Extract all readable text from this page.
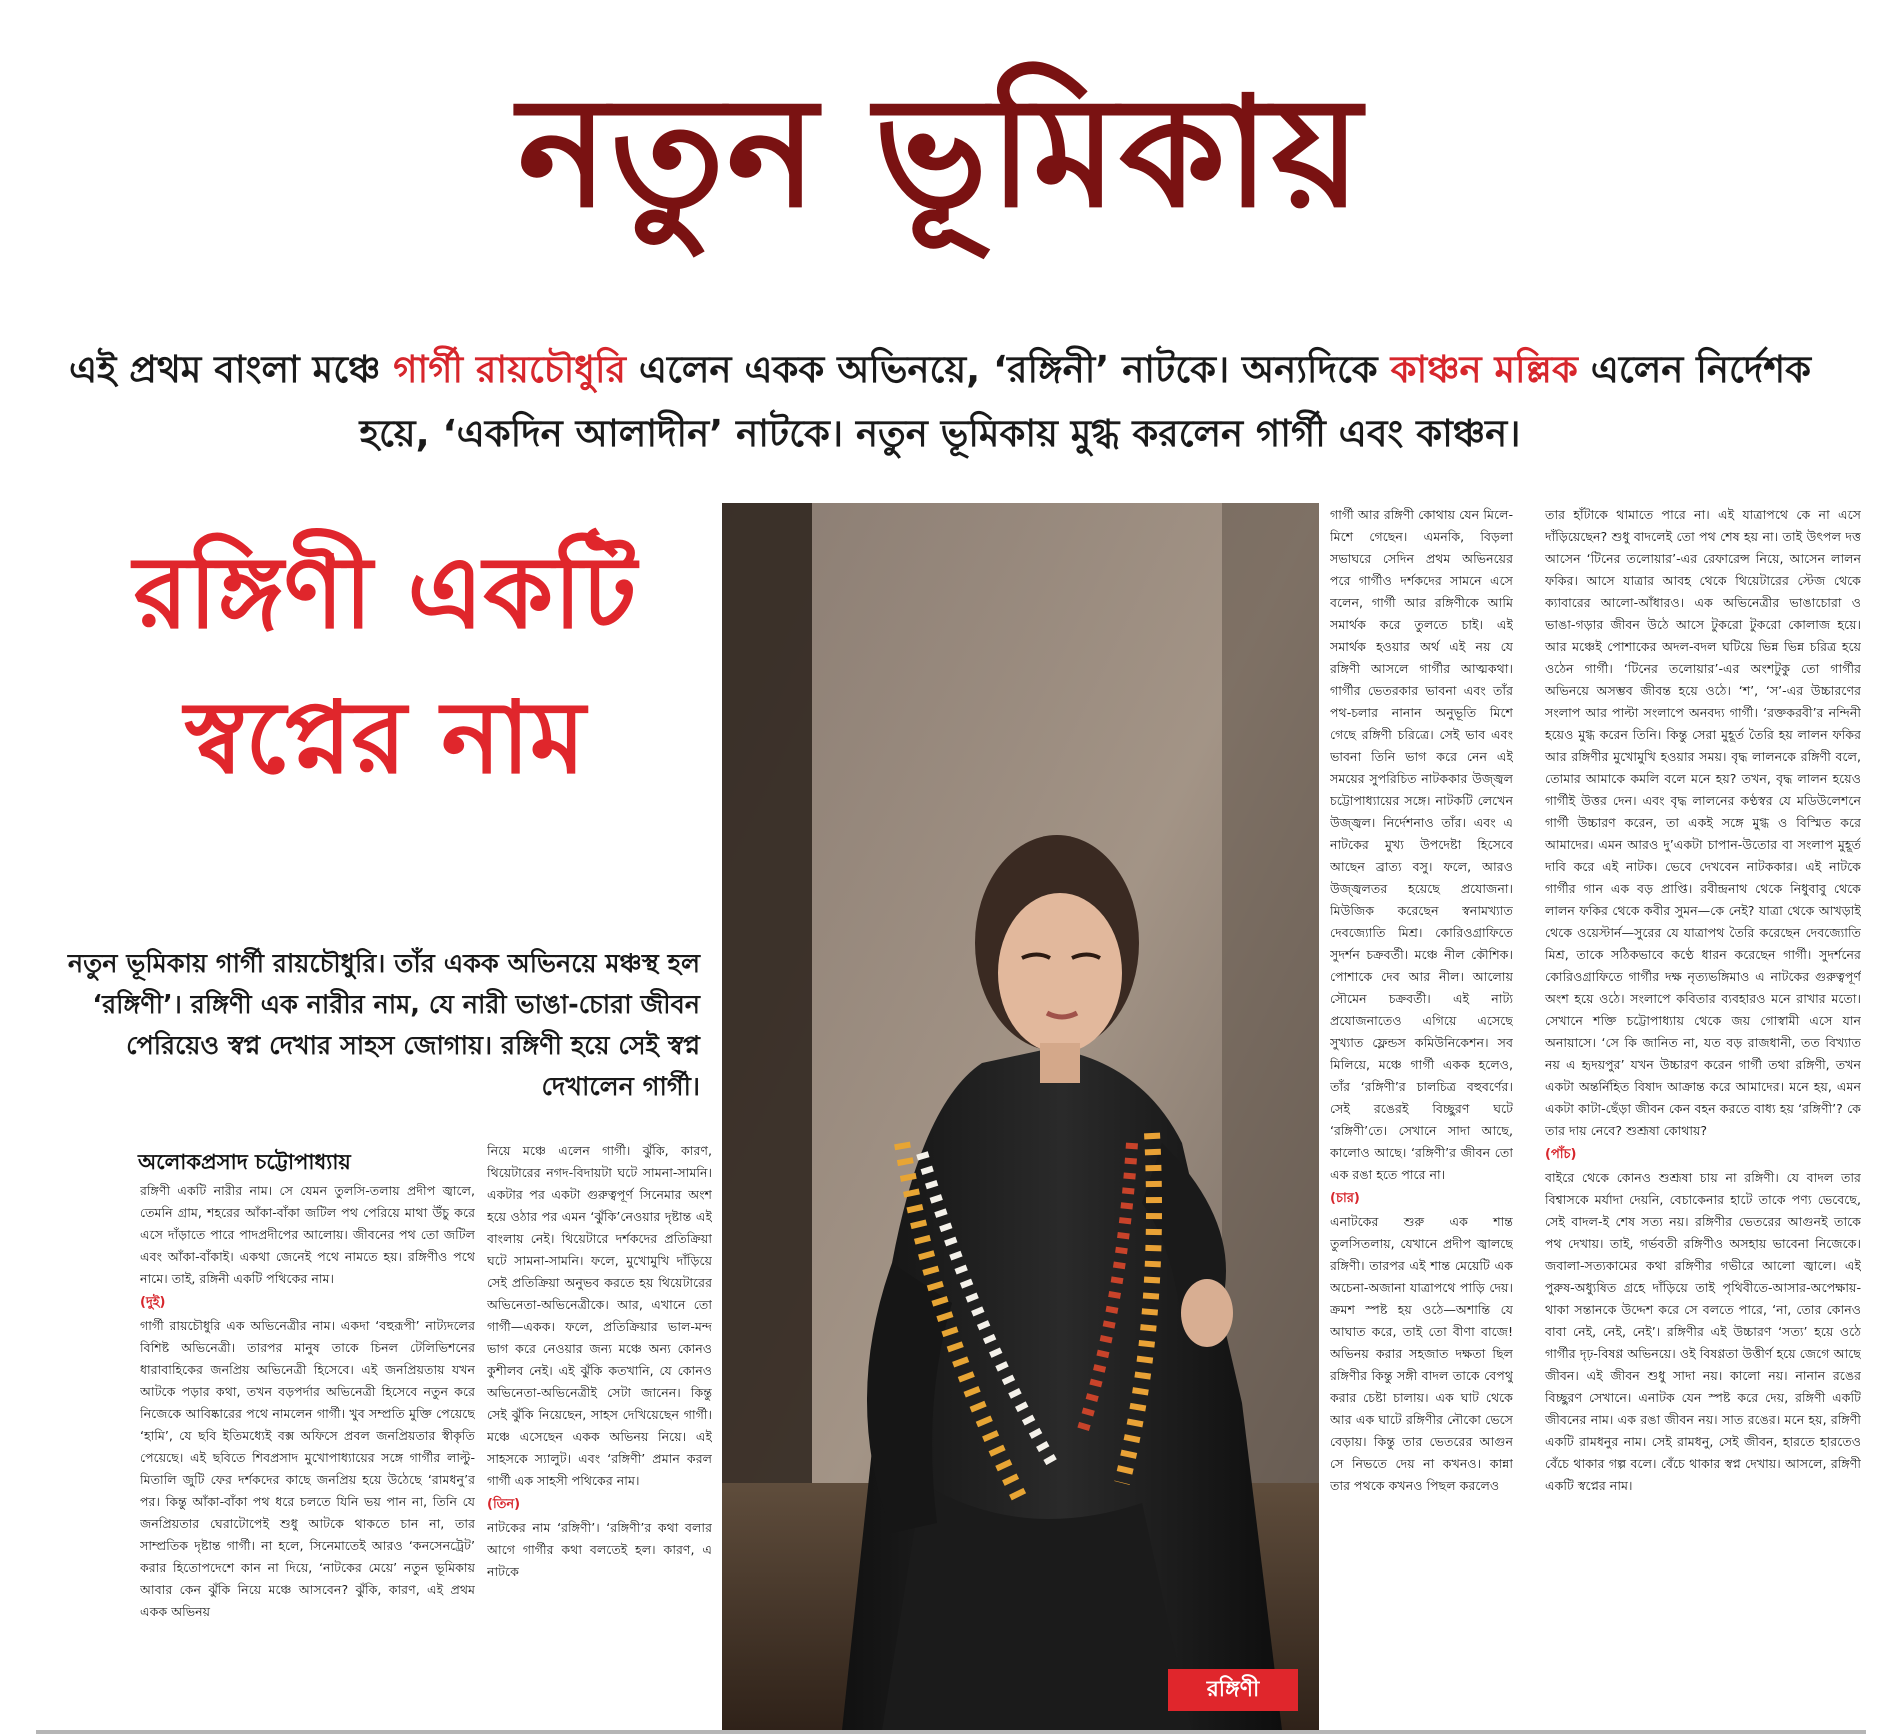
নতুন ভূমিকায়
এই প্রথম বাংলা মঞ্চে গার্গী রায়চৌধুরি এলেন একক অভিনয়ে, ‘রঙ্গিনী’ নাটকে। অন্যদিকে কাঞ্চন মল্লিক এলেন নির্দেশক হয়ে, ‘একদিন আলাদীন’ নাটকে। নতুন ভূমিকায় মুগ্ধ করলেন গার্গী এবং কাঞ্চন।
রঙ্গিণী একটি স্বপ্নের নাম
নতুন ভূমিকায় গার্গী রায়চৌধুরি। তাঁর একক অভিনয়ে মঞ্চস্থ হল ‘রঙ্গিণী’। রঙ্গিণী এক নারীর নাম, যে নারী ভাঙা-চোরা জীবন পেরিয়েও স্বপ্ন দেখার সাহস জোগায়। রঙ্গিণী হয়ে সেই স্বপ্ন দেখালেন গার্গী।
অলোকপ্রসাদ চট্টোপাধ্যায়

রঙ্গিণী একটি নারীর নাম। সে যেমন তুলসি-তলায় প্রদীপ জ্বালে, তেমনি গ্রাম, শহরের আঁকা-বাঁকা জটিল পথ পেরিয়ে মাথা উঁচু করে এসে দাঁড়াতে পারে পাদপ্রদীপের আলোয়। জীবনের পথ তো জটিল এবং আঁকা-বাঁকাই। একথা জেনেই পথে নামতে হয়। রঙ্গিণীও পথে নামে। তাই, রঙ্গিনী একটি পথিকের নাম।

(দুই)

গার্গী রায়চৌধুরি এক অভিনেত্রীর নাম। একদা ‘বহুরূপী’ নাট্যদলের বিশিষ্ট অভিনেত্রী। তারপর মানুষ তাকে চিনল টেলিভিশনের ধারাবাহিকের জনপ্রিয় অভিনেত্রী হিসেবে। এই জনপ্রিয়তায় যখন আটকে পড়ার কথা, তখন বড়পর্দার অভিনেত্রী হিসেবে নতুন করে নিজেকে আবিষ্কারের পথে নামলেন গার্গী। খুব সম্প্রতি মুক্তি পেয়েছে ‘হামি’, যে ছবি ইতিমধ্যেই বক্স অফিসে প্রবল জনপ্রিয়তার স্বীকৃতি পেয়েছে। এই ছবিতে শিবপ্রসাদ মুখোপাধ্যায়ের সঙ্গে গার্গীর লাল্টু-মিতালি জুটি ফের দর্শকদের কাছে জনপ্রিয় হয়ে উঠেছে ‘রামধনু’র পর। কিন্তু আঁকা-বাঁকা পথ ধরে চলতে যিনি ভয় পান না, তিনি যে জনপ্রিয়তার ঘেরাটোপেই শুধু আটকে থাকতে চান না, তার সাম্প্রতিক দৃষ্টান্ত গার্গী। না হলে, সিনেমাতেই আরও ‘কনসেনট্রেট’ করার হিতোপদেশে কান না দিয়ে, ‘নাটকের মেয়ে’ নতুন ভূমিকায় আবার কেন ঝুঁকি নিয়ে মঞ্চে আসবেন? ঝুঁকি, কারণ, এই প্রথম একক অভিনয়

নিয়ে মঞ্চে এলেন গার্গী। ঝুঁকি, কারণ, থিয়েটারের নগদ-বিদায়টা ঘটে সামনা-সামনি। একটার পর একটা গুরুত্বপূর্ণ সিনেমার অংশ হয়ে ওঠার পর এমন ‘ঝুঁকি’নেওয়ার দৃষ্টান্ত এই বাংলায় নেই। থিয়েটারে দর্শকদের প্রতিক্রিয়া ঘটে সামনা-সামনি। ফলে, মুখোমুখি দাঁড়িয়ে সেই প্রতিক্রিয়া অনুভব করতে হয় থিয়েটারের অভিনেতা-অভিনেত্রীকে। আর, এখানে তো গার্গী—একক। ফলে, প্রতিক্রিয়ার ভাল-মন্দ ভাগ করে নেওয়ার জন্য মঞ্চে অন্য কোনও কুশীলব নেই। এই ঝুঁকি কতখানি, যে কোনও অভিনেতা-অভিনেত্রীই সেটা জানেন। কিন্তু সেই ঝুঁকি নিয়েছেন, সাহস দেখিয়েছেন গার্গী। মঞ্চে এসেছেন একক অভিনয় নিয়ে। এই সাহসকে স্যালুট। এবং ‘রঙ্গিণী’ প্রমান করল গার্গী এক সাহসী পথিকের নাম।

(তিন)

নাটকের নাম ‘রঙ্গিণী’। ‘রঙ্গিণী’র কথা বলার আগে গার্গীর কথা বলতেই হল। কারণ, এ নাটকে

রঙ্গিণী

গার্গী আর রঙ্গিণী কোথায় যেন মিলে-মিশে গেছেন। এমনকি, বিড়লা সভাঘরে সেদিন প্রথম অভিনয়ের পরে গার্গীও দর্শকদের সামনে এসে বলেন, গার্গী আর রঙ্গিণীকে আমি সমার্থক করে তুলতে চাই। এই সমার্থক হওয়ার অর্থ এই নয় যে রঙ্গিণী আসলে গার্গীর আত্মকথা। গার্গীর ভেতরকার ভাবনা এবং তাঁর পথ-চলার নানান অনুভূতি মিশে গেছে রঙ্গিণী চরিত্রে। সেই ভাব এবং ভাবনা তিনি ভাগ করে নেন এই সময়ের সুপরিচিত নাটককার উজ্জ্বল চট্টোপাধ্যায়ের সঙ্গে। নাটকটি লেখেন উজ্জ্বল। নির্দেশনাও তাঁর। এবং এ নাটকের মুখ্য উপদেষ্টা হিসেবে আছেন ব্রাত্য বসু। ফলে, আরও উজ্জ্বলতর হয়েছে প্রযোজনা। মিউজিক করেছেন স্বনামখ্যাত দেবজ্যোতি মিশ্র। কোরিওগ্রাফিতে সুদর্শন চক্রবর্তী। মঞ্চে নীল কৌশিক। পোশাকে দেব আর নীল। আলোয় সৌমেন চক্রবর্তী। এই নাট্য প্রযোজনাতেও এগিয়ে এসেছে সুখ্যাত ফ্লেন্ডস কমিউনিকেশন। সব মিলিয়ে, মঞ্চে গার্গী একক হলেও, তাঁর ‘রঙ্গিণী’র চালচিত্র বহুবর্ণের। সেই রঙেরই বিচ্ছুরণ ঘটে ‘রঙ্গিণী’তে। সেখানে সাদা আছে, কালোও আছে। ‘রঙ্গিণী’র জীবন তো এক রঙা হতে পারে না।

(চার)

এনাটকের শুরু এক শান্ত তুলসিতলায়, যেখানে প্রদীপ জ্বালছে রঙ্গিণী। তারপর এই শান্ত মেয়েটি এক অচেনা-অজানা যাত্রাপথে পাড়ি দেয়। ক্রমশ স্পষ্ট হয় ওঠে—অশান্তি যে আঘাত করে, তাই তো বীণা বাজে! অভিনয় করার সহজাত দক্ষতা ছিল রঙ্গিণীর কিন্তু সঙ্গী বাদল তাকে বেপথু করার চেষ্টা চালায়। এক ঘাট থেকে আর এক ঘাটে রঙ্গিণীর নৌকো ভেসে বেড়ায়। কিন্তু তার ভেতরের আগুন সে নিভতে দেয় না কখনও। কান্না তার পথকে কখনও পিছল করলেও

তার হাঁটাকে থামাতে পারে না। এই যাত্রাপথে কে না এসে দাঁড়িয়েছেন? শুধু বাদলেই তো পথ শেষ হয় না। তাই উৎপল দত্ত আসেন ‘টিনের তলোয়ার’-এর রেফারেন্স নিয়ে, আসেন লালন ফকির। আসে যাত্রার আবহ থেকে থিয়েটারের স্টেজ থেকে ক্যাবারের আলো-আঁধারও। এক অভিনেত্রীর ভাঙাচোরা ও ভাঙা-গড়ার জীবন উঠে আসে টুকরো টুকরো কোলাজ হয়ে। আর মঞ্চেই পোশাকের অদল-বদল ঘটিয়ে ভিন্ন ভিন্ন চরিত্র হয়ে ওঠেন গার্গী। ‘টিনের তলোয়ার’-এর অংশটুকু তো গার্গীর অভিনয়ে অসম্ভব জীবন্ত হয়ে ওঠে। ‘শ’, ‘স’-এর উচ্চারণের সংলাপ আর পাল্টা সংলাপে অনবদ্য গার্গী। ‘রক্তকরবী’র নন্দিনী হয়েও মুগ্ধ করেন তিনি। কিন্তু সেরা মুহূর্ত তৈরি হয় লালন ফকির আর রঙ্গিণীর মুখোমুখি হওয়ার সময়। বৃদ্ধ লালনকে রঙ্গিণী বলে, তোমার আমাকে কমলি বলে মনে হয়? তখন, বৃদ্ধ লালন হয়েও গার্গীই উত্তর দেন। এবং বৃদ্ধ লালনের কণ্ঠস্বর যে মডিউলেশনে গার্গী উচ্চারণ করেন, তা একই সঙ্গে মুগ্ধ ও বিস্মিত করে আমাদের। এমন আরও দু’একটা চাপান-উতোর বা সংলাপ মুহূর্ত দাবি করে এই নাটক। ভেবে দেখবেন নাটককার। এই নাটকে গার্গীর গান এক বড় প্রাপ্তি। রবীন্দ্রনাথ থেকে নিধুবাবু থেকে লালন ফকির থেকে কবীর সুমন—কে নেই? যাত্রা থেকে আখড়াই থেকে ওয়েস্টার্ন—সুরের যে যাত্রাপথ তৈরি করেছেন দেবজ্যোতি মিশ্র, তাকে সঠিকভাবে কণ্ঠে ধারন করেছেন গার্গী। সুদর্শনের কোরিওগ্রাফিতে গার্গীর দক্ষ নৃত্যভঙ্গিমাও এ নাটকের গুরুত্বপূর্ণ অংশ হয়ে ওঠে। সংলাপে কবিতার ব্যবহারও মনে রাখার মতো। সেখানে শক্তি চট্টোপাধ্যায় থেকে জয় গোস্বামী এসে যান অনায়াসে। ‘সে কি জানিত না, যত বড় রাজধানী, তত বিখ্যাত নয় এ হৃদয়পুর’ যখন উচ্চারণ করেন গার্গী তথা রঙ্গিণী, তখন একটা অন্তর্নিহিত বিষাদ আক্রান্ত করে আমাদের। মনে হয়, এমন একটা কাটা-ছেঁড়া জীবন কেন বহন করতে বাধ্য হয় ‘রঙ্গিণী’? কে তার দায় নেবে? শুশ্রূষা কোথায়?

(পাঁচ)

বাইরে থেকে কোনও শুশ্রূষা চায় না রঙ্গিণী। যে বাদল তার বিশ্বাসকে মর্যাদা দেয়নি, বেচাকেনার হাটে তাকে পণ্য ভেবেছে, সেই বাদল-ই শেষ সত্য নয়। রঙ্গিণীর ভেতরের আগুনই তাকে পথ দেখায়। তাই, গর্ভবতী রঙ্গিণীও অসহায় ভাবেনা নিজেকে। জবালা-সত্যকামের কথা রঙ্গিণীর গভীরে আলো জ্বালে। এই পুরুষ-অধ্যুষিত গ্রহে দাঁড়িয়ে তাই পৃথিবীতে-আসার-অপেক্ষায়-থাকা সন্তানকে উদ্দেশ করে সে বলতে পারে, ‘না, তোর কোনও বাবা নেই, নেই, নেই’। রঙ্গিণীর এই উচ্চারণ ‘সত্য’ হয়ে ওঠে গার্গীর দৃঢ়-বিষণ্ণ অভিনয়ে। ওই বিষণ্ণতা উত্তীর্ণ হয়ে জেগে আছে জীবন। এই জীবন শুধু সাদা নয়। কালো নয়। নানান রঙের বিচ্ছুরণ সেখানে। এনাটক যেন স্পষ্ট করে দেয়, রঙ্গিণী একটি জীবনের নাম। এক রঙা জীবন নয়। সাত রঙের। মনে হয়, রঙ্গিণী একটি রামধনুর নাম। সেই রামধনু, সেই জীবন, হারতে হারতেও বেঁচে থাকার গল্প বলে। বেঁচে থাকার স্বপ্ন দেখায়। আসলে, রঙ্গিণী একটি স্বপ্নের নাম।
